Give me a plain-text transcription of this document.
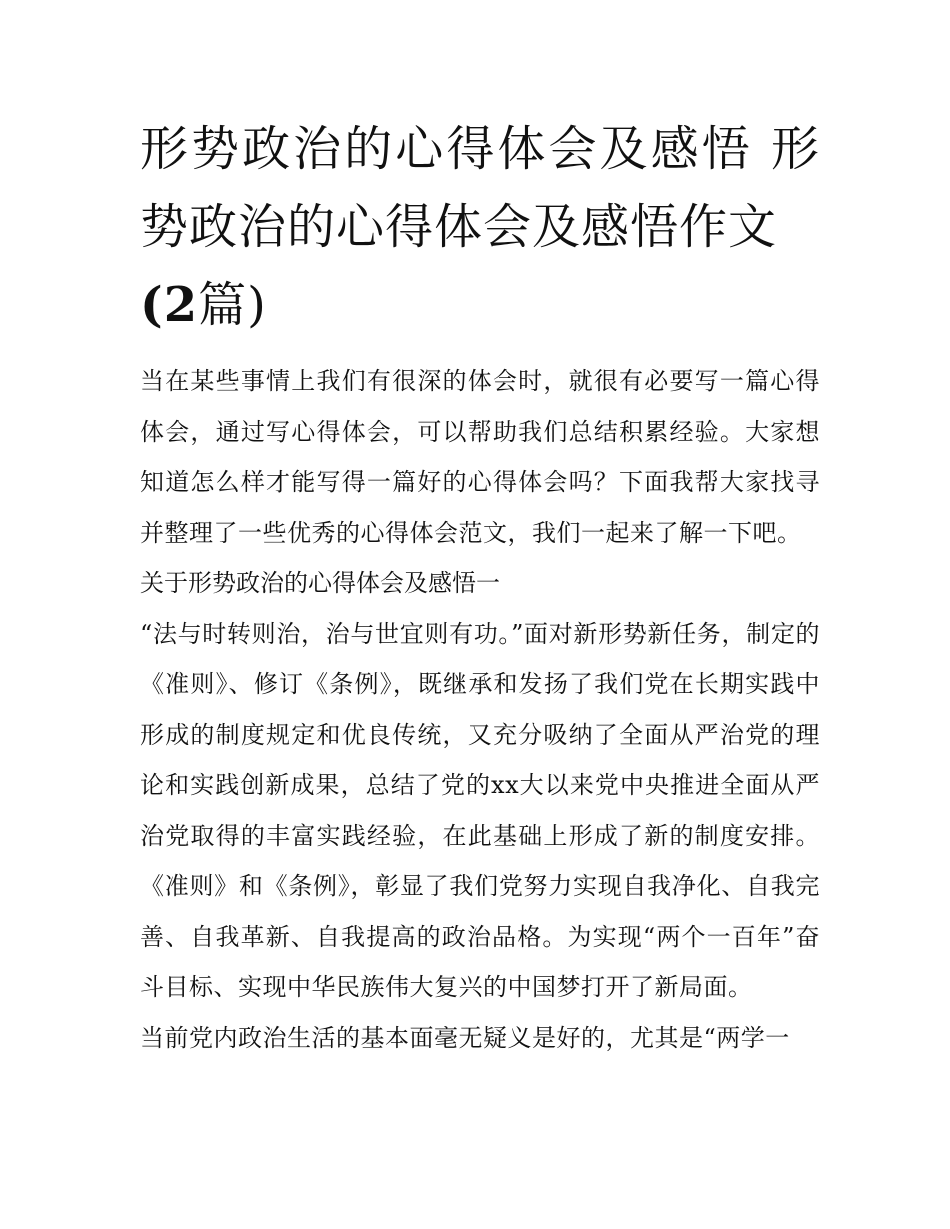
形势政治的心得体会及感悟 形势政治的心得体会及感悟作文
(2篇)

当在某些事情上我们有很深的体会时，就很有必要写一篇心得体会，通过写心得体会，可以帮助我们总结积累经验。大家想知道怎么样才能写得一篇好的心得体会吗？下面我帮大家找寻并整理了一些优秀的心得体会范文，我们一起来了解一下吧。

关于形势政治的心得体会及感悟一

“法与时转则治，治与世宜则有功。”面对新形势新任务，制定的《准则》、修订《条例》，既继承和发扬了我们党在长期实践中形成的制度规定和优良传统，又充分吸纳了全面从严治党的理论和实践创新成果，总结了党的xx大以来党中央推进全面从严治党取得的丰富实践经验，在此基础上形成了新的制度安排。《准则》和《条例》，彰显了我们党努力实现自我净化、自我完善、自我革新、自我提高的政治品格。为实现“两个一百年”奋斗目标、实现中华民族伟大复兴的中国梦打开了新局面。

当前党内政治生活的基本面毫无疑义是好的，尤其是“两学一
